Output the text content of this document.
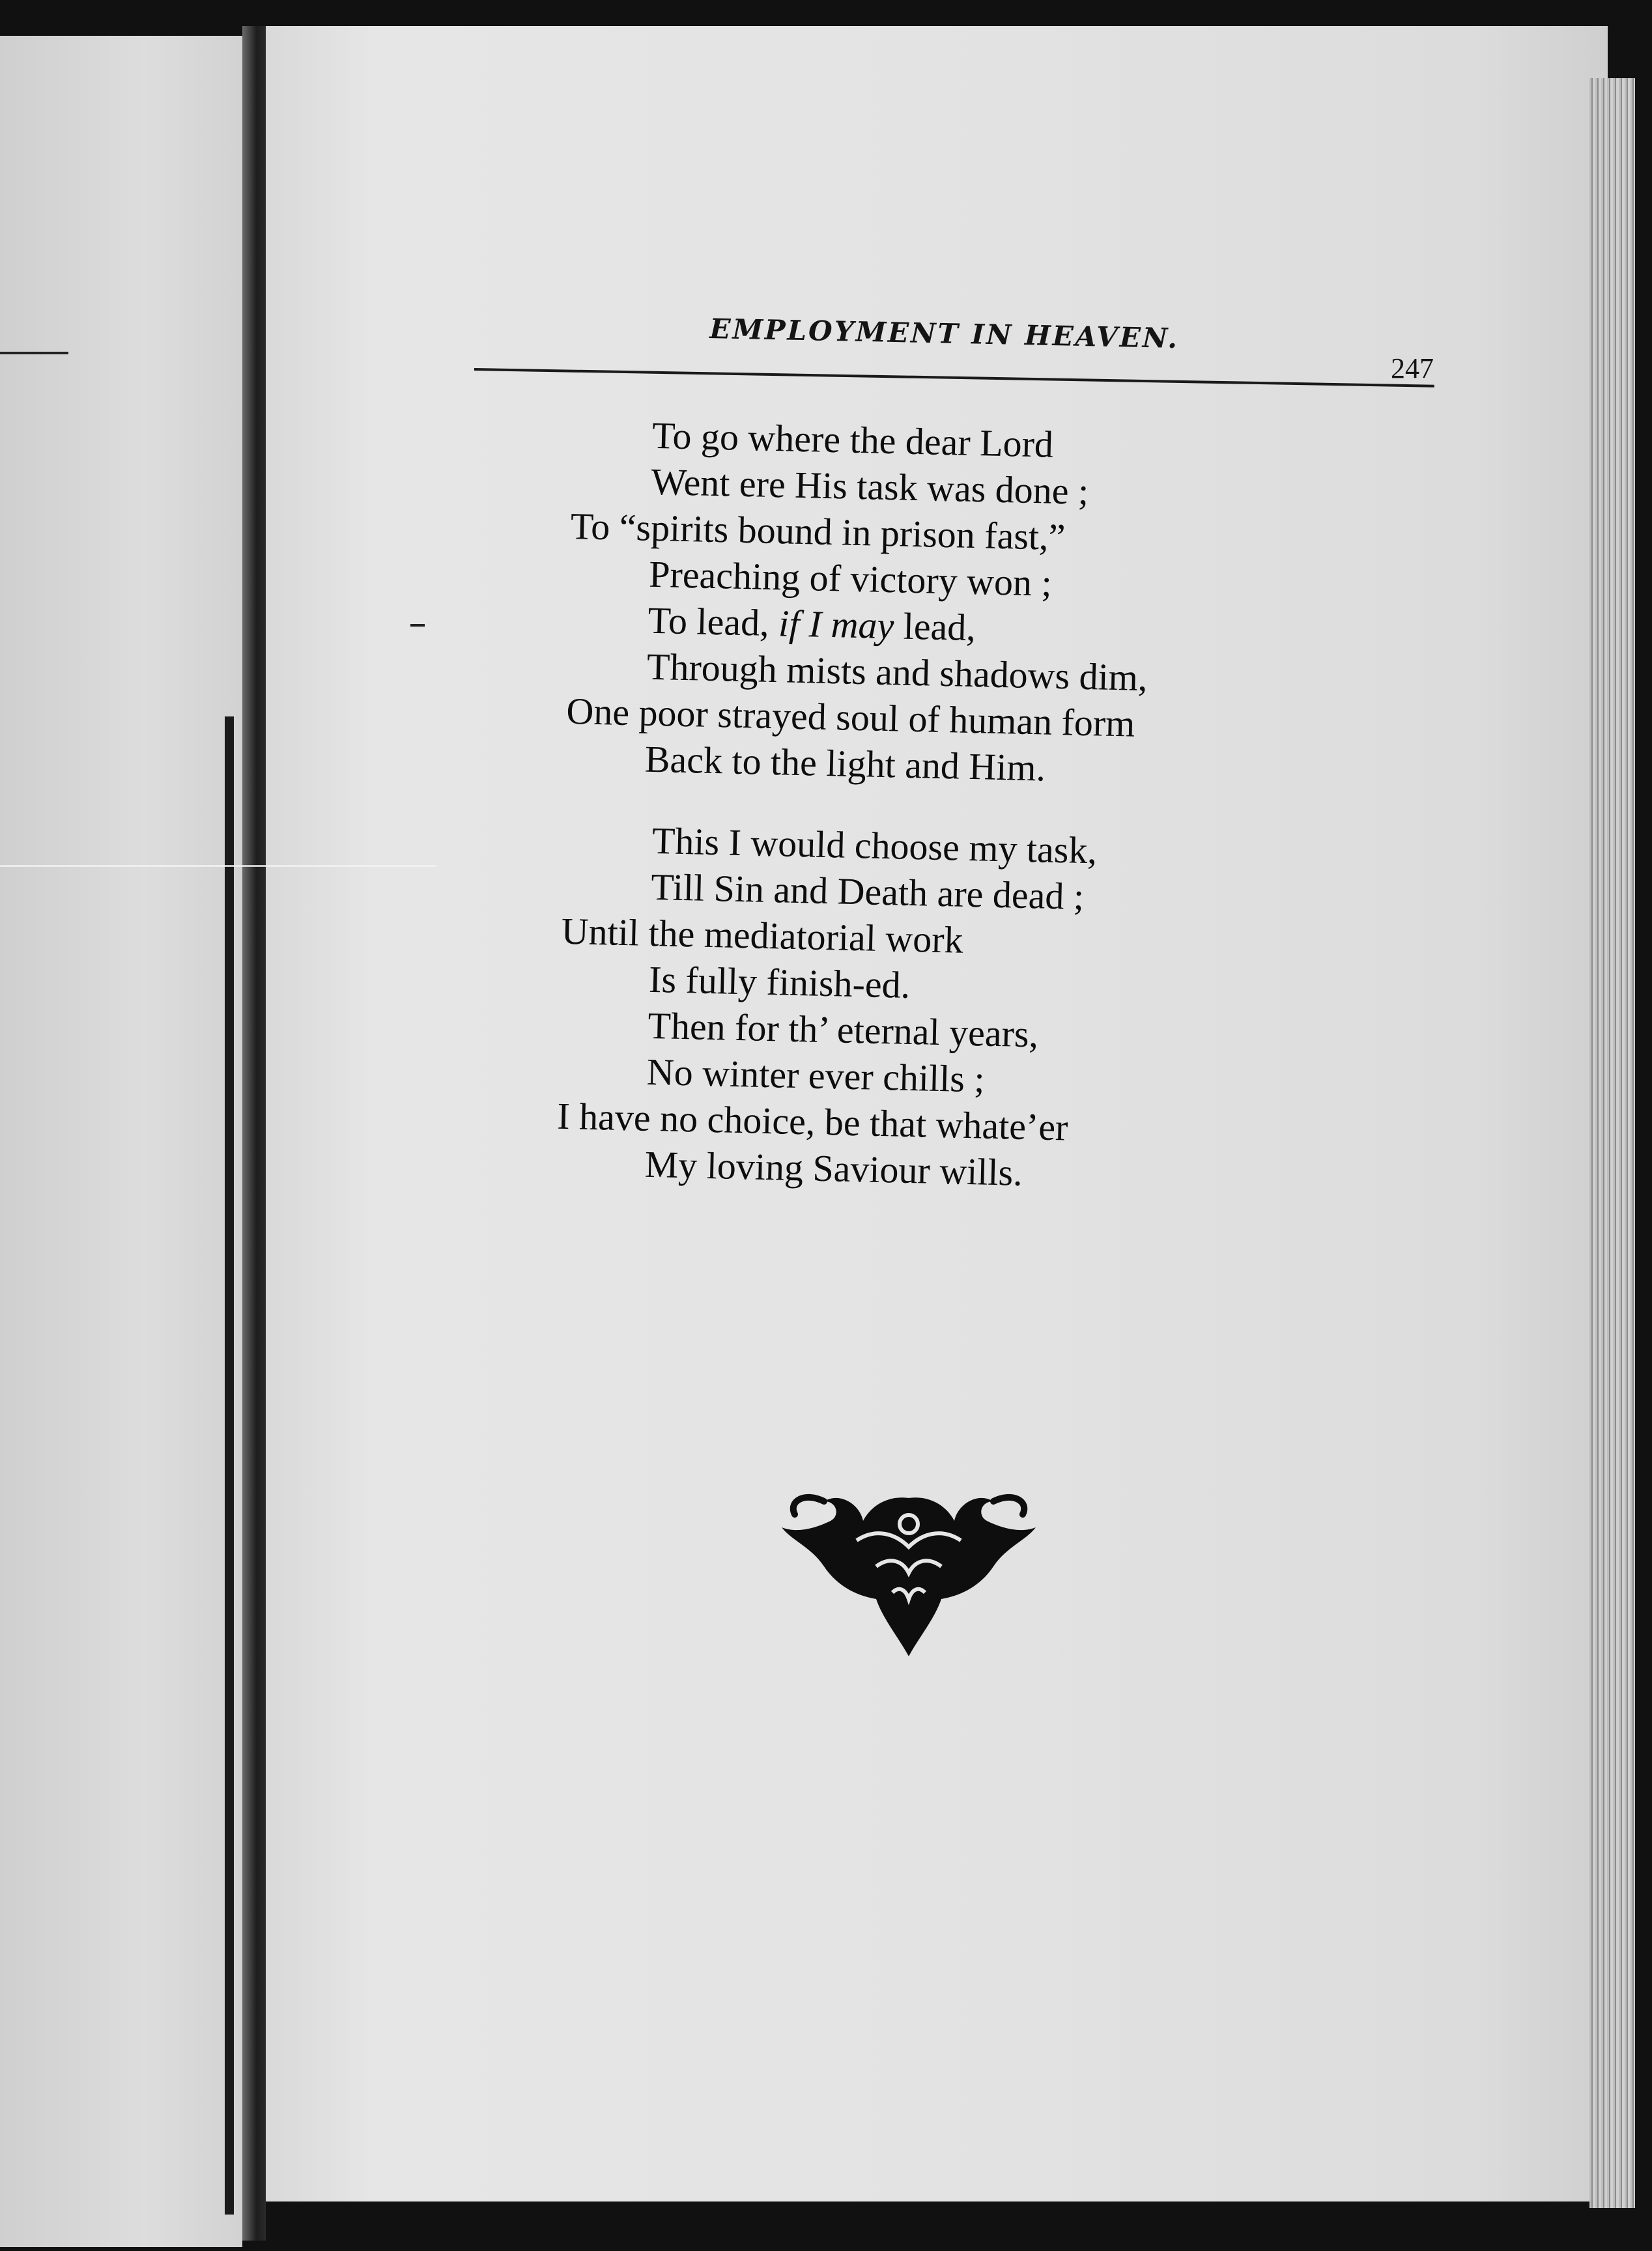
EMPLOYMENT IN HEAVEN.
247
To go where the dear Lord
Went ere His task was done ;
To “spirits bound in prison fast,”
Preaching of victory won ;
To lead, if I may lead,
Through mists and shadows dim,
One poor strayed soul of human form
Back to the light and Him.
This I would choose my task,
Till Sin and Death are dead ;
Until the mediatorial work
Is fully finish-ed.
Then for th’ eternal years,
No winter ever chills ;
I have no choice, be that whate’er
My loving Saviour wills.
